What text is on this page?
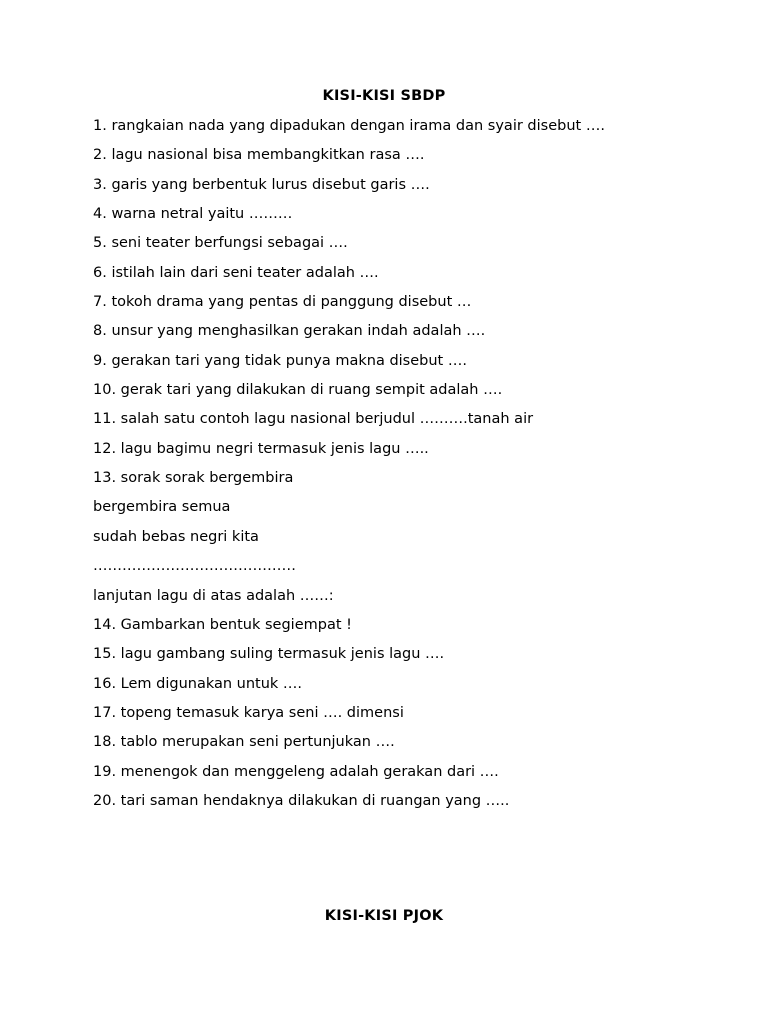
KISI-KISI SBDP
1. rangkaian nada yang dipadukan dengan irama dan syair disebut ….
2. lagu nasional bisa membangkitkan rasa ….
3. garis yang berbentuk lurus disebut garis ….
4. warna netral yaitu ………
5. seni teater berfungsi sebagai ….
6. istilah lain dari seni teater adalah ….
7. tokoh drama yang pentas di panggung disebut …
8. unsur yang menghasilkan gerakan indah adalah ….
9. gerakan tari yang tidak punya makna disebut ….
10. gerak tari yang dilakukan di ruang sempit adalah ….
11. salah satu contoh lagu nasional berjudul ……….tanah air
12. lagu bagimu negri termasuk jenis lagu …..
13. sorak sorak bergembira
bergembira semua
sudah bebas negri kita
……………………………………
lanjutan lagu di atas adalah ……:
14. Gambarkan bentuk segiempat !
15. lagu gambang suling termasuk jenis lagu ….
16. Lem digunakan untuk ….
17. topeng temasuk karya seni …. dimensi
18. tablo merupakan seni pertunjukan ….
19. menengok dan menggeleng adalah gerakan dari ….
20. tari saman hendaknya dilakukan di ruangan yang …..
KISI-KISI PJOK
